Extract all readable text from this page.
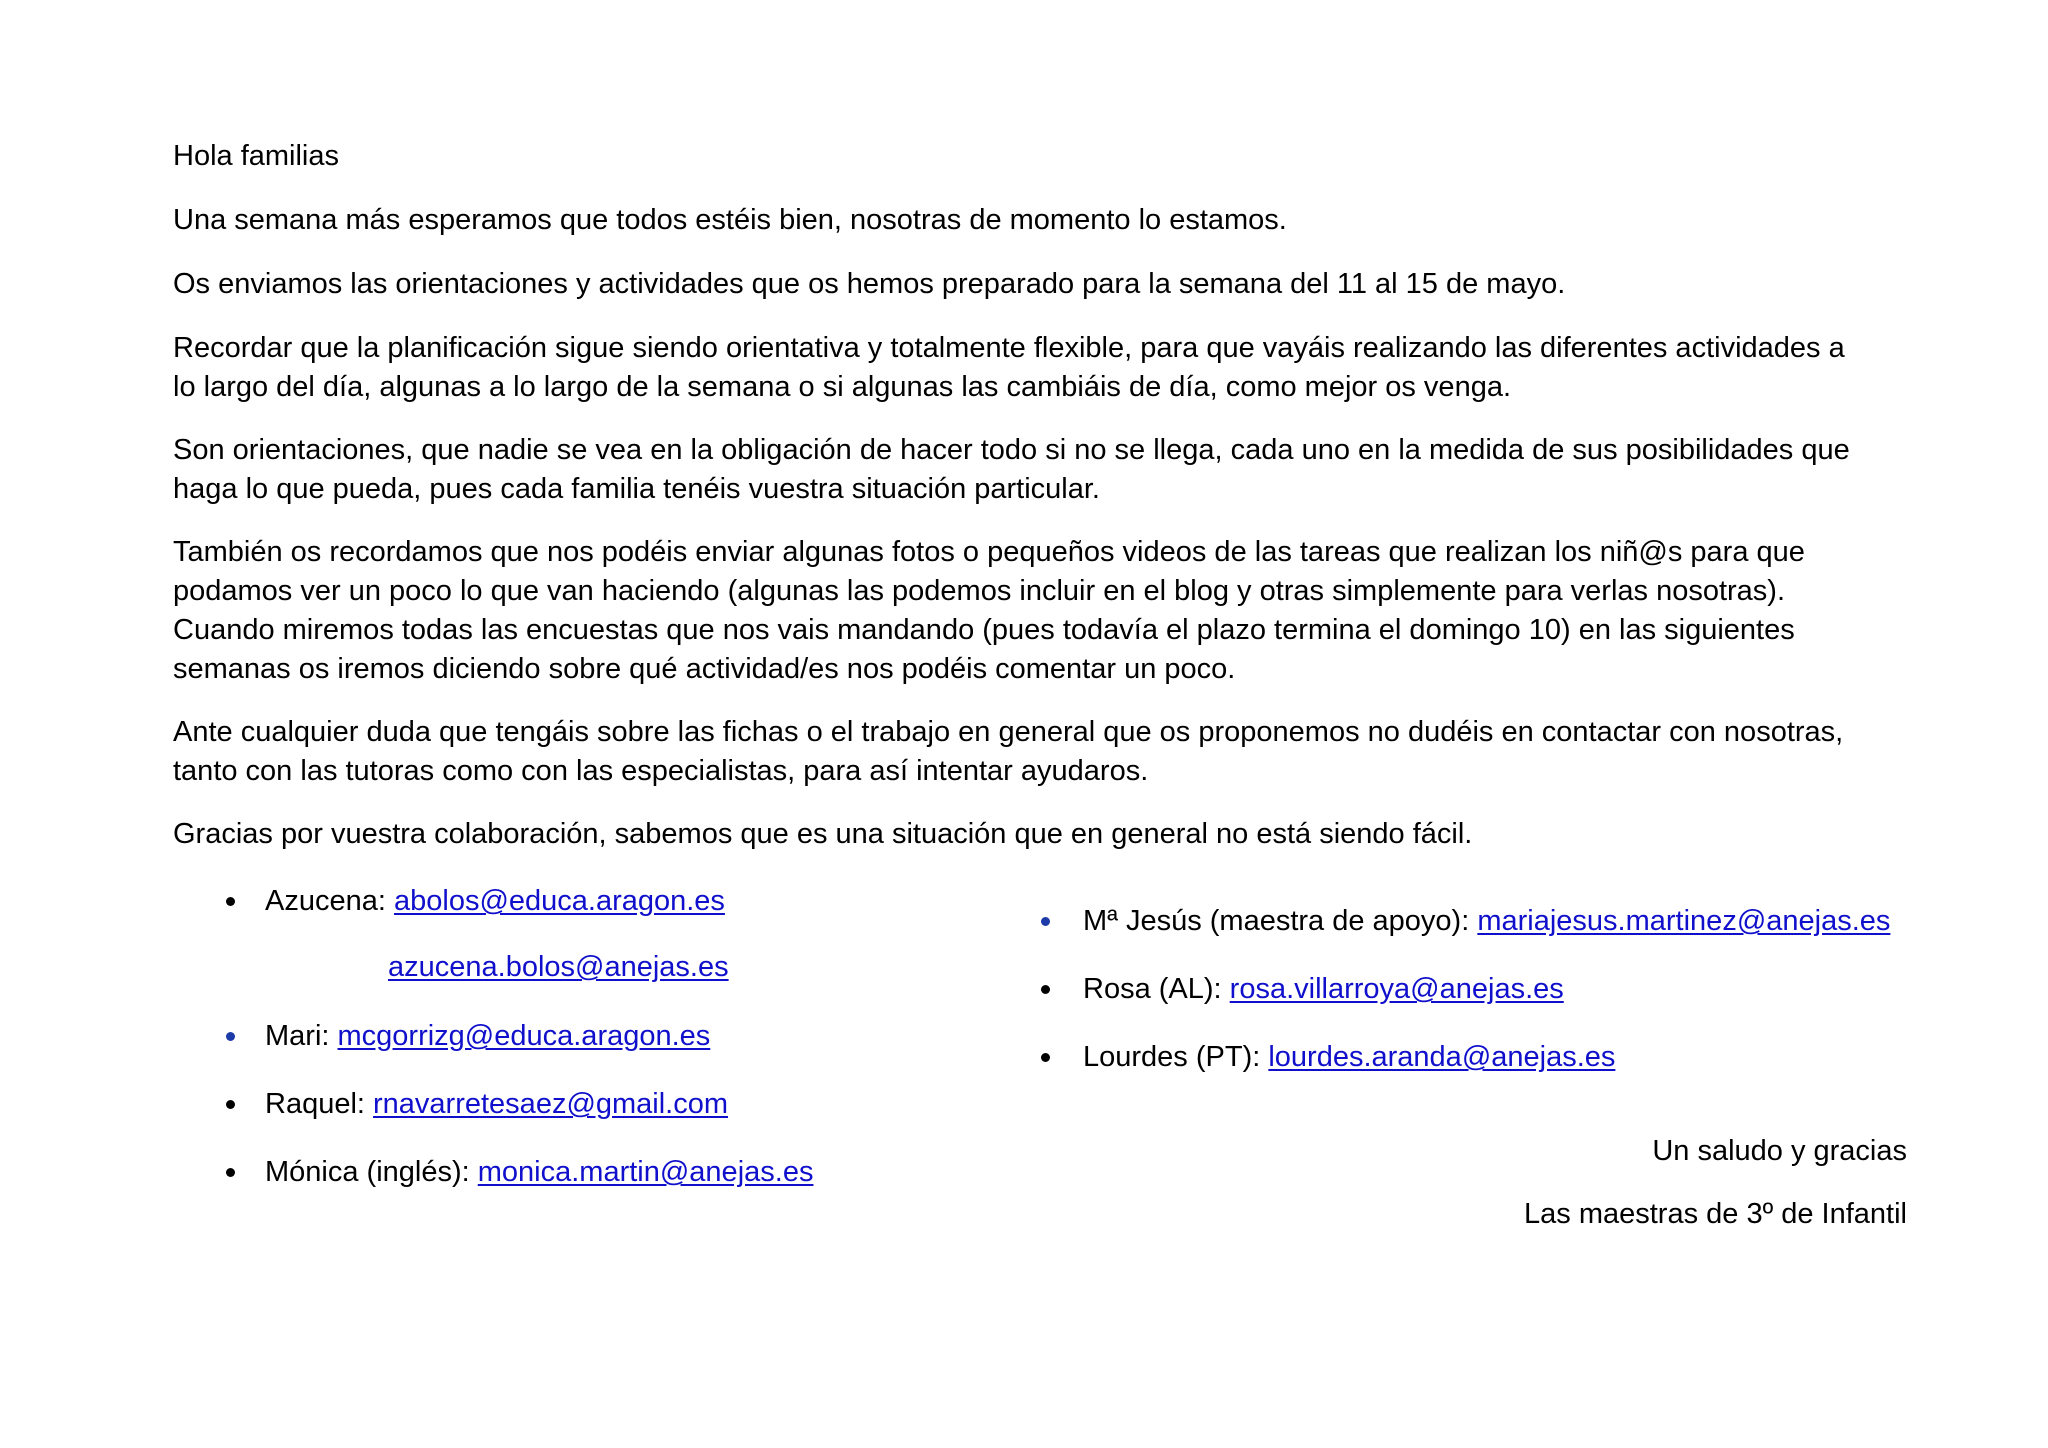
Hola familias

Una semana más esperamos que todos estéis bien, nosotras de momento lo estamos.

Os enviamos las orientaciones y actividades que os hemos preparado para la semana del 11 al 15 de mayo.

Recordar que la planificación sigue siendo orientativa y totalmente flexible, para que vayáis realizando las diferentes actividades a
lo largo del día, algunas a lo largo de la semana o si algunas las cambiáis de día, como mejor os venga.

Son orientaciones, que nadie se vea en la obligación de hacer todo si no se llega, cada uno en la medida de sus posibilidades que
haga lo que pueda, pues cada familia tenéis vuestra situación particular.

También os recordamos que nos podéis enviar algunas fotos o pequeños videos de las tareas que realizan los niñ@s para que
podamos ver un poco lo que van haciendo (algunas las podemos incluir en el blog y otras simplemente para verlas nosotras).
Cuando miremos todas las encuestas que nos vais mandando (pues todavía el plazo termina el domingo 10) en las siguientes
semanas os iremos diciendo sobre qué actividad/es nos podéis comentar un poco.

Ante cualquier duda que tengáis sobre las fichas o el trabajo en general que os proponemos no dudéis en contactar con nosotras,
tanto con las tutoras como con las especialistas, para así intentar ayudaros.

Gracias por vuestra colaboración, sabemos que es una situación que en general no está siendo fácil.

Azucena: abolos@educa.aragon.es
azucena.bolos@anejas.es
Mari: mcgorrizg@educa.aragon.es
Raquel: rnavarretesaez@gmail.com
Mónica (inglés): monica.martin@anejas.es
Mª Jesús (maestra de apoyo): mariajesus.martinez@anejas.es
Rosa (AL): rosa.villarroya@anejas.es
Lourdes (PT): lourdes.aranda@anejas.es
Un saludo y gracias
Las maestras de 3º de Infantil
